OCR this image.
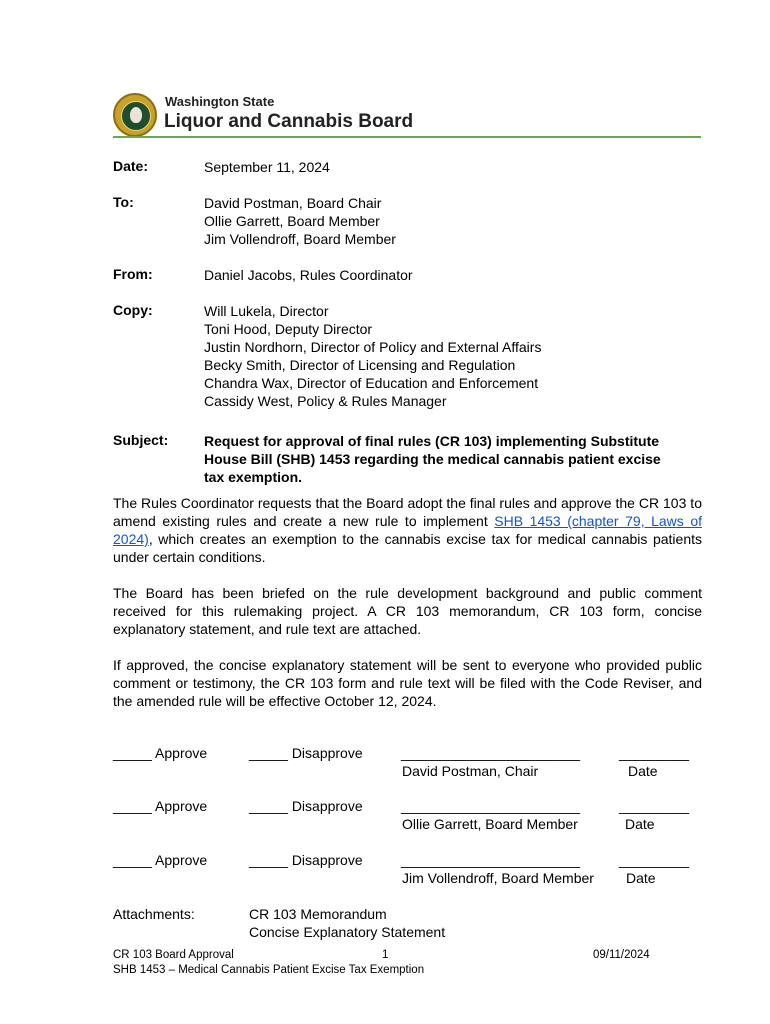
Washington State
Liquor and Cannabis Board
Date:	September 11, 2024
To:	David Postman, Board Chair
Ollie Garrett, Board Member
Jim Vollendroff, Board Member
From:	Daniel Jacobs, Rules Coordinator
Copy:	Will Lukela, Director
Toni Hood, Deputy Director
Justin Nordhorn, Director of Policy and External Affairs
Becky Smith, Director of Licensing and Regulation
Chandra Wax, Director of Education and Enforcement
Cassidy West, Policy & Rules Manager
Subject:	Request for approval of final rules (CR 103) implementing Substitute
House Bill (SHB) 1453 regarding the medical cannabis patient excise
tax exemption.
The Rules Coordinator requests that the Board adopt the final rules and approve the CR 103 to amend existing rules and create a new rule to implement SHB 1453 (chapter 79, Laws of 2024), which creates an exemption to the cannabis excise tax for medical cannabis patients under certain conditions.
The Board has been briefed on the rule development background and public comment received for this rulemaking project. A CR 103 memorandum, CR 103 form, concise explanatory statement, and rule text are attached.
If approved, the concise explanatory statement will be sent to everyone who provided public comment or testimony, the CR 103 form and rule text will be filed with the Code Reviser, and the amended rule will be effective October 12, 2024.
_____ Approve	_____ Disapprove	_______________________	_________
David Postman, Chair	Date
_____ Approve	_____ Disapprove	_______________________	_________
Ollie Garrett, Board Member	Date
_____ Approve	_____ Disapprove	_______________________	_________
Jim Vollendroff, Board Member Date
Attachments:	CR 103 Memorandum
Concise Explanatory Statement
CR 103 Board Approval	1	09/11/2024
SHB 1453 – Medical Cannabis Patient Excise Tax Exemption
